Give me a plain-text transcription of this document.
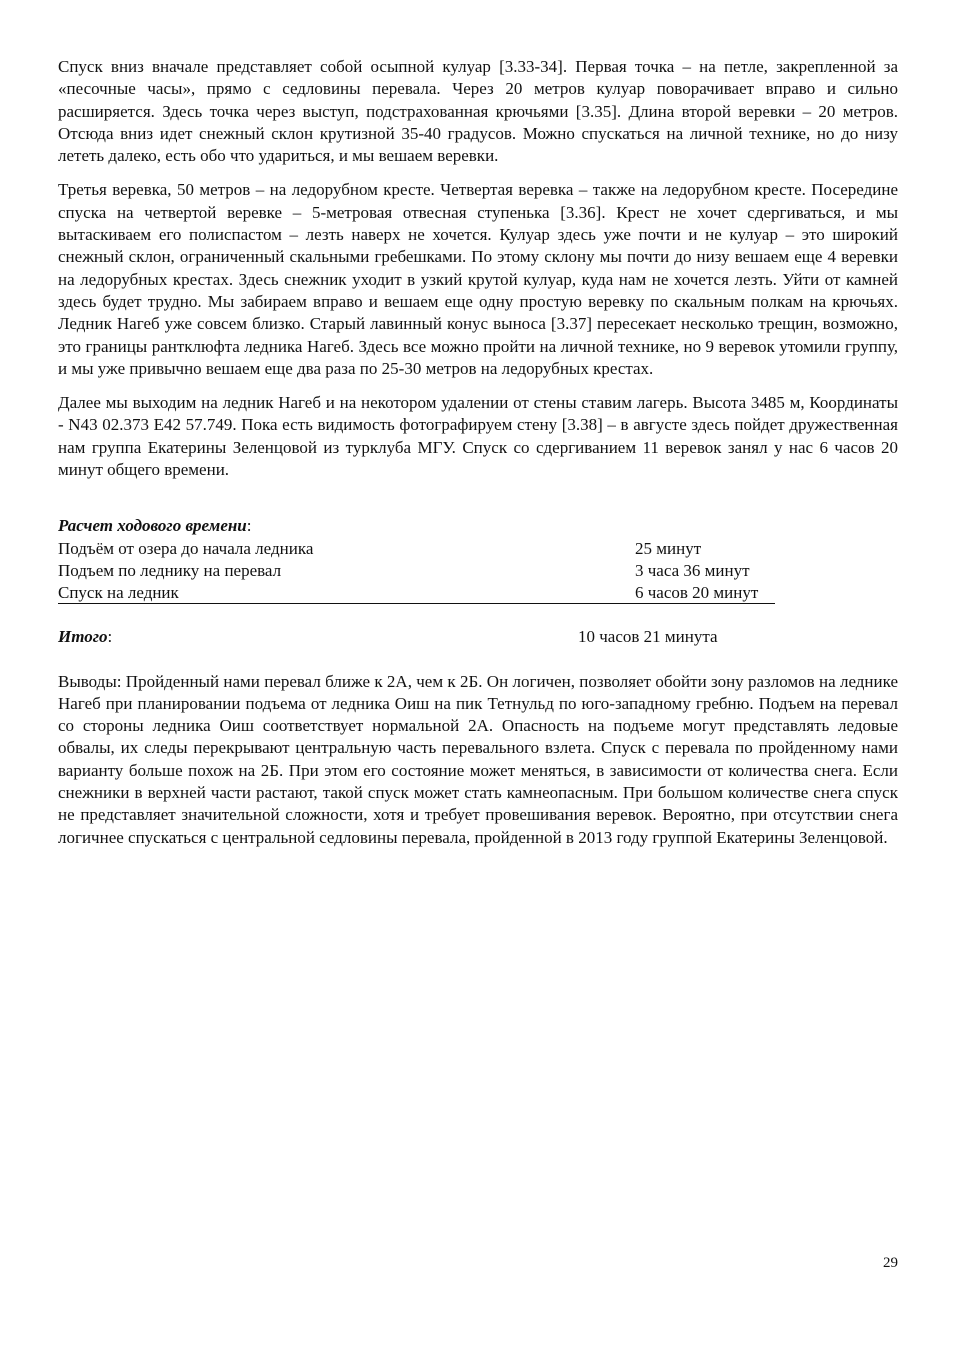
Спуск вниз вначале представляет собой осыпной кулуар [3.33-34]. Первая точка – на петле, закрепленной за «песочные часы», прямо с седловины перевала. Через 20 метров кулуар поворачивает вправо и сильно расширяется. Здесь точка через выступ, подстрахованная крючьями [3.35]. Длина второй веревки – 20 метров. Отсюда вниз идет снежный склон крутизной 35-40 градусов. Можно спускаться на личной технике, но до низу лететь далеко, есть обо что удариться, и мы вешаем веревки.

Третья веревка, 50 метров – на ледорубном кресте. Четвертая веревка – также на ледорубном кресте. Посередине спуска на четвертой веревке – 5-метровая отвесная ступенька [3.36]. Крест не хочет сдергиваться, и мы вытаскиваем его полиспастом – лезть наверх не хочется. Кулуар здесь уже почти и не кулуар – это широкий снежный склон, ограниченный скальными гребешками. По этому склону мы почти до низу вешаем еще 4 веревки на ледорубных крестах. Здесь снежник уходит в узкий крутой кулуар, куда нам не хочется лезть. Уйти от камней здесь будет трудно. Мы забираем вправо и вешаем еще одну простую веревку по скальным полкам на крючьях. Ледник Нагеб уже совсем близко. Старый лавинный конус выноса [3.37] пересекает несколько трещин, возможно, это границы рантклюфта ледника Нагеб. Здесь все можно пройти на личной технике, но 9 веревок утомили группу, и мы уже привычно вешаем еще два раза по 25-30 метров на ледорубных крестах.

Далее мы выходим на ледник Нагеб и на некотором удалении от стены ставим лагерь. Высота 3485 м, Координаты - N43 02.373 E42 57.749. Пока есть видимость фотографируем стену [3.38] – в августе здесь пойдет дружественная нам группа Екатерины Зеленцовой из турклуба МГУ. Спуск со сдергиванием 11 веревок занял у нас 6 часов 20 минут общего времени.

Расчет ходового времени:

Подъём от озера до начала ледника	25 минут
Подъем по леднику на перевал	3 часа 36 минут
Спуск на ледник	6 часов 20 минут
Итого:	10 часов 21 минута

Выводы: Пройденный нами перевал ближе к 2А, чем к 2Б. Он логичен, позволяет обойти зону разломов на леднике Нагеб при планировании подъема от ледника Оиш на пик Тетнульд по юго-западному гребню. Подъем на перевал со стороны ледника Оиш соответствует нормальной 2А. Опасность на подъеме могут представлять ледовые обвалы, их следы перекрывают центральную часть перевального взлета. Спуск с перевала по пройденному нами варианту больше похож на 2Б. При этом его состояние может меняться, в зависимости от количества снега. Если снежники в верхней части растают, такой спуск может стать камнеопасным. При большом количестве снега спуск не представляет значительной сложности, хотя и требует провешивания веревок. Вероятно, при отсутствии снега логичнее спускаться с центральной седловины перевала, пройденной в 2013 году группой Екатерины Зеленцовой.

29
